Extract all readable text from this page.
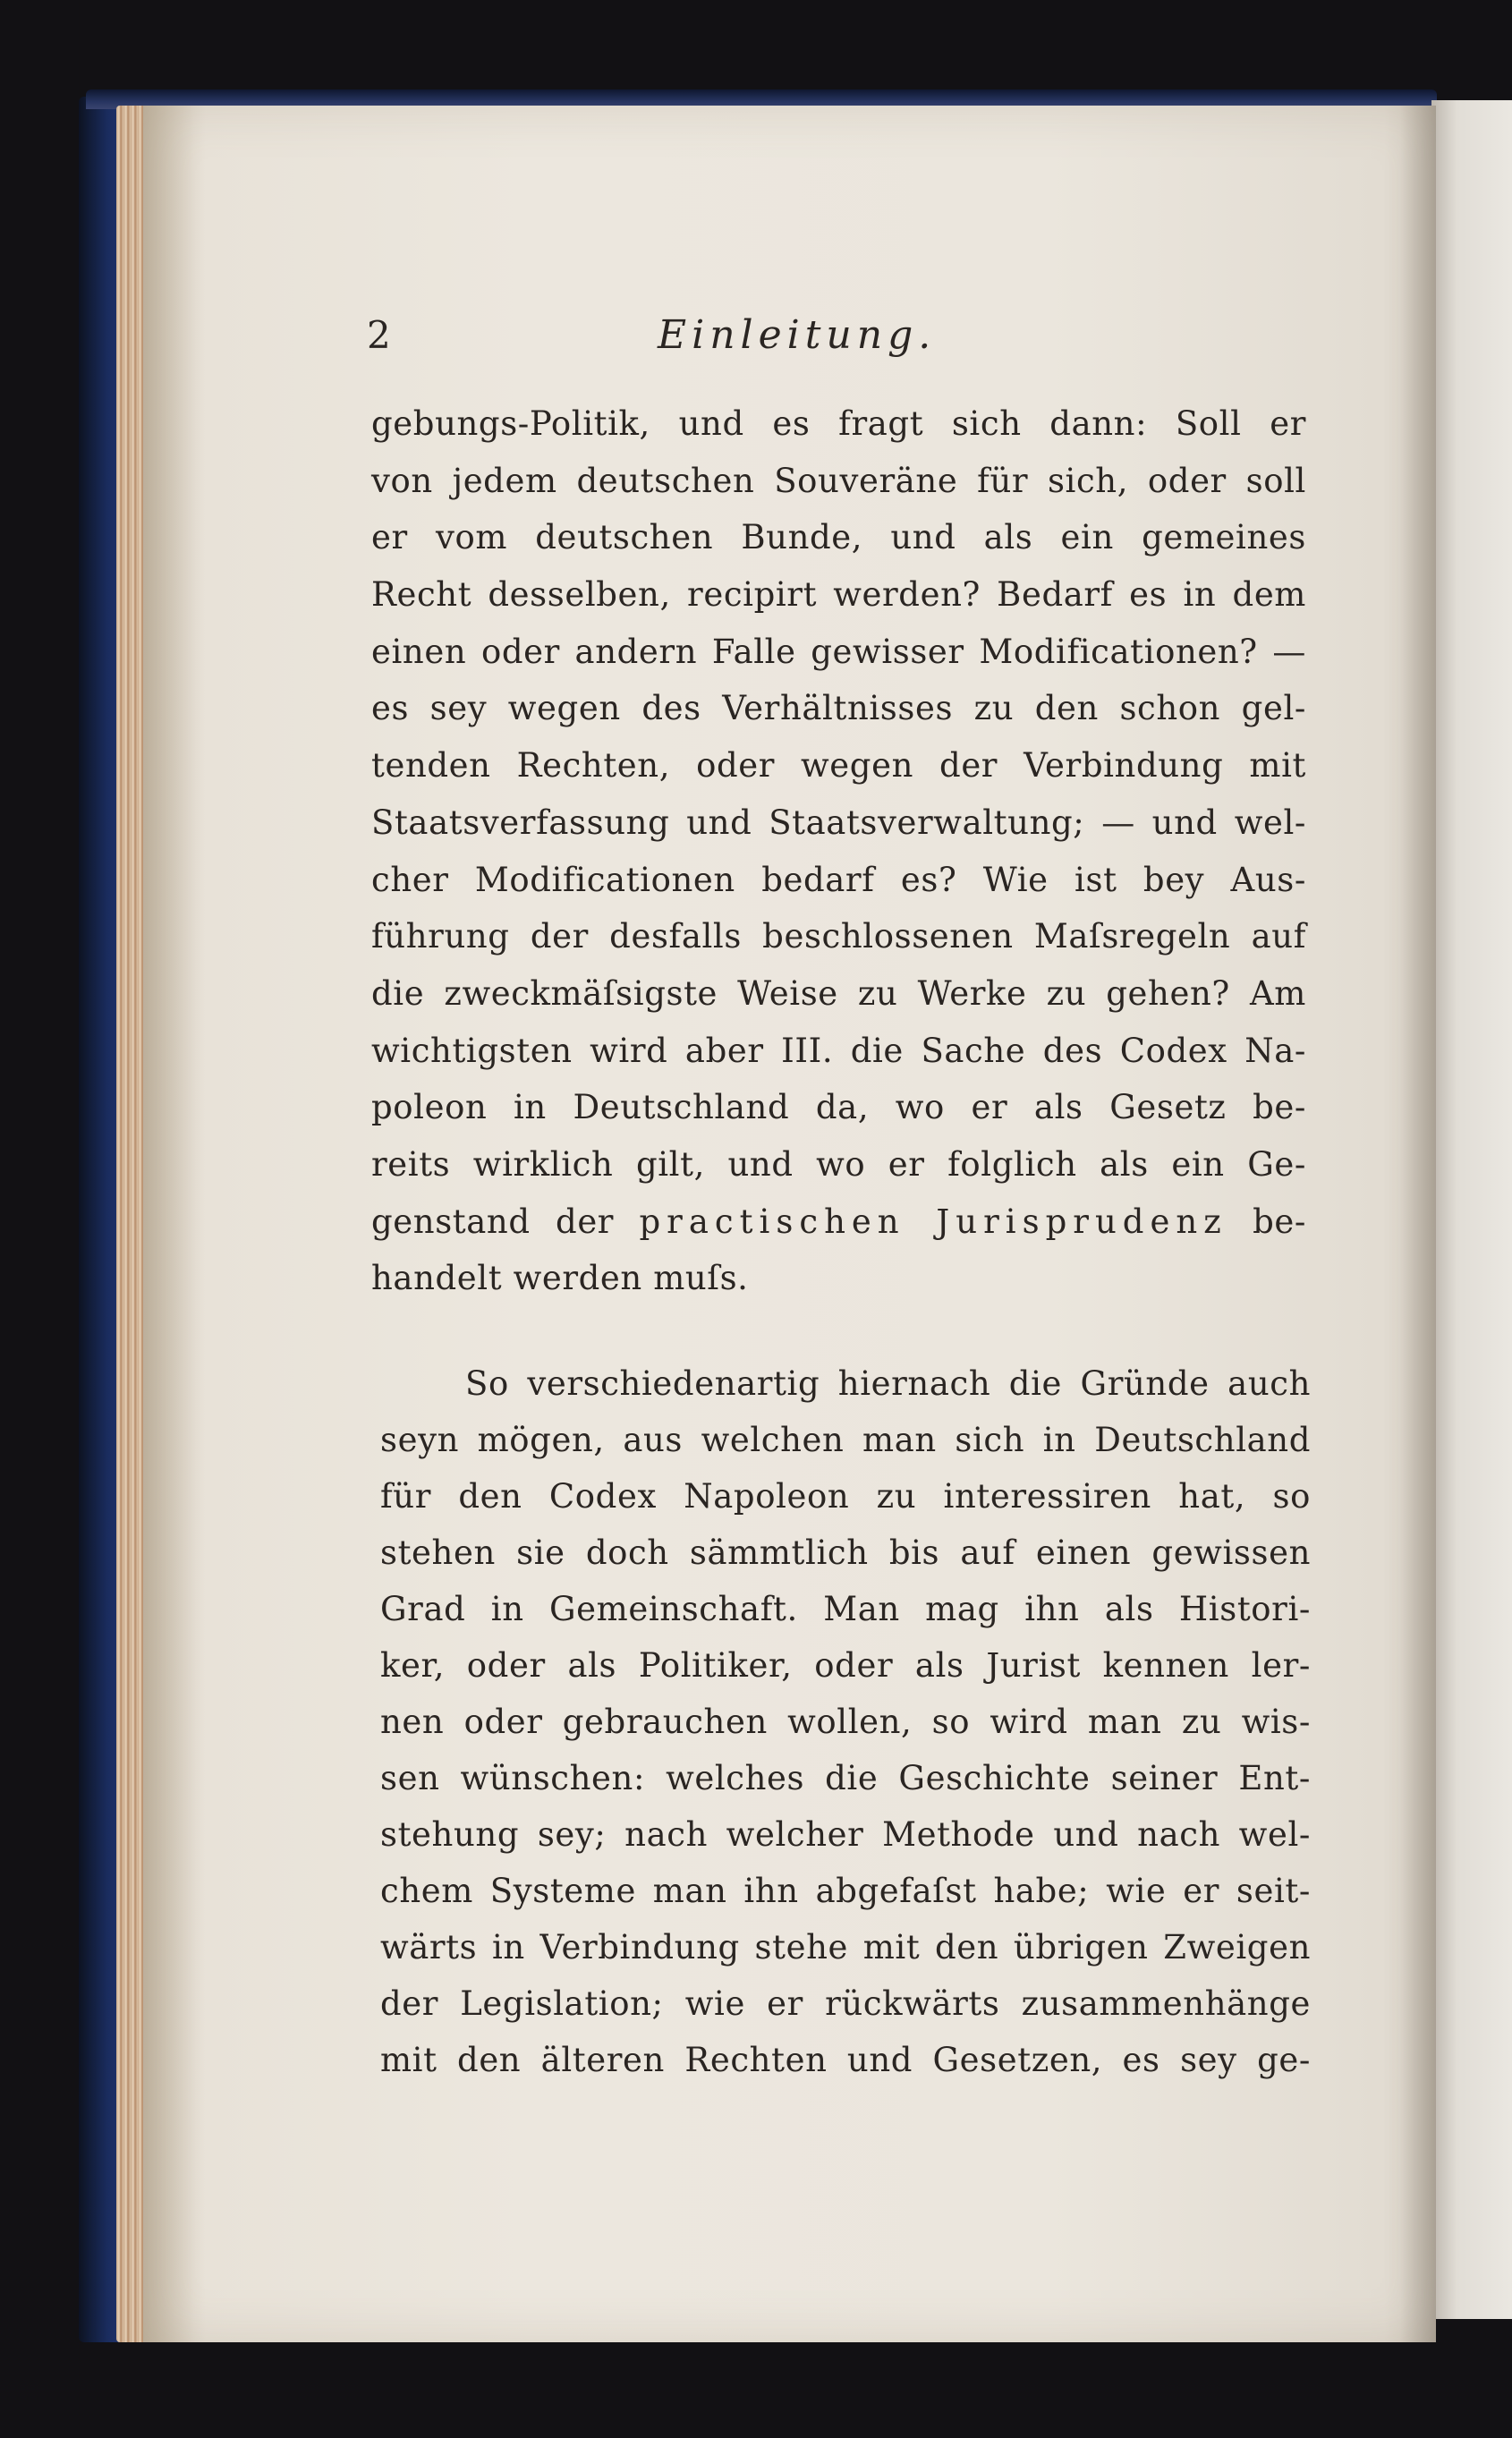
2	Einleitung.
gebungs-Politik, und es fragt sich dann: Soll er
von jedem deutschen Souveräne für sich, oder soll
er vom deutschen Bunde, und als ein gemeines
Recht desselben, recipirt werden? Bedarf es in dem
einen oder andern Falle gewisser Modificationen? —
es sey wegen des Verhältnisses zu den schon gel-
tenden Rechten, oder wegen der Verbindung mit
Staatsverfassung und Staatsverwaltung; — und wel-
cher Modificationen bedarf es? Wie ist bey Aus-
führung der desfalls beschlossenen Maſsregeln auf
die zweckmäſsigste Weise zu Werke zu gehen? Am
wichtigsten wird aber III. die Sache des Codex Na-
poleon in Deutschland da, wo er als Gesetz be-
reits wirklich gilt, und wo er folglich als ein Ge-
genstand der practischen Jurisprudenz be-
handelt werden muſs.
So verschiedenartig hiernach die Gründe auch
seyn mögen, aus welchen man sich in Deutschland
für den Codex Napoleon zu interessiren hat, so
stehen sie doch sämmtlich bis auf einen gewissen
Grad in Gemeinschaft. Man mag ihn als Histori-
ker, oder als Politiker, oder als Jurist kennen ler-
nen oder gebrauchen wollen, so wird man zu wis-
sen wünschen: welches die Geschichte seiner Ent-
stehung sey; nach welcher Methode und nach wel-
chem Systeme man ihn abgefaſst habe; wie er seit-
wärts in Verbindung stehe mit den übrigen Zweigen
der Legislation; wie er rückwärts zusammenhänge
mit den älteren Rechten und Gesetzen, es sey ge-
